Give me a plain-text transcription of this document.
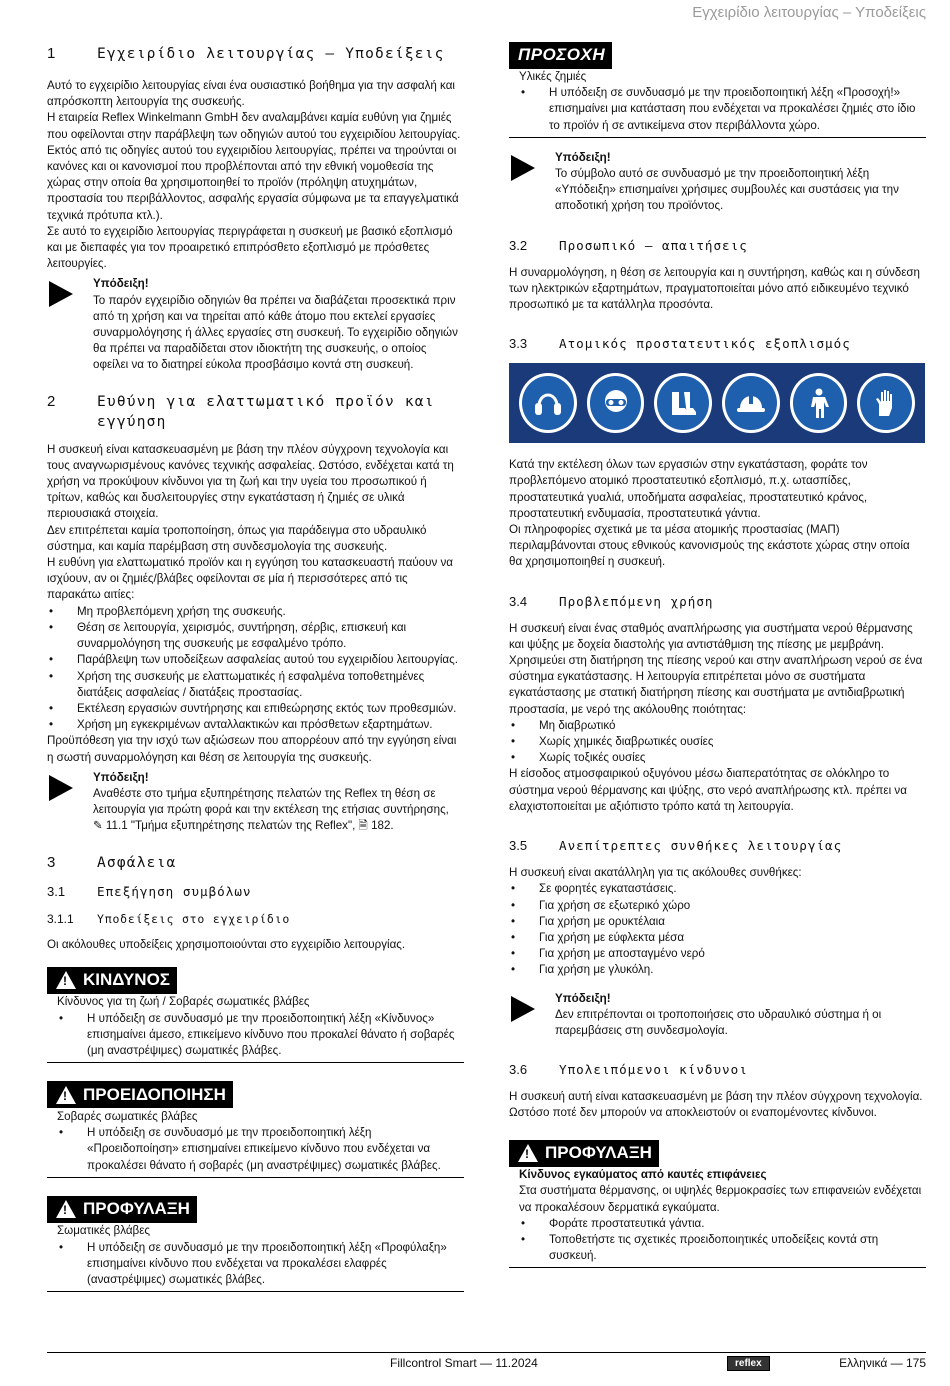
Εγχειρίδιο λειτουργίας – Υποδείξεις
1	Εγχειρίδιο λειτουργίας – Υποδείξεις

Αυτό το εγχειρίδιο λειτουργίας είναι ένα ουσιαστικό βοήθημα για την ασφαλή και απρόσκοπτη λειτουργία της συσκευής.

Η εταιρεία Reflex Winkelmann GmbH δεν αναλαμβάνει καμία ευθύνη για ζημιές που οφείλονται στην παράβλεψη των οδηγιών αυτού του εγχειριδίου λειτουργίας. Εκτός από τις οδηγίες αυτού του εγχειριδίου λειτουργίας, πρέπει να τηρούνται οι κανόνες και οι κανονισμοί που προβλέπονται από την εθνική νομοθεσία της χώρας στην οποία θα χρησιμοποιηθεί το προϊόν (πρόληψη ατυχημάτων, προστασία του περιβάλλοντος, ασφαλής εργασία σύμφωνα με τα επαγγελματικά τεχνικά πρότυπα κτλ.).

Σε αυτό το εγχειρίδιο λειτουργίας περιγράφεται η συσκευή με βασικό εξοπλισμό και με διεπαφές για τον προαιρετικό επιπρόσθετο εξοπλισμό με πρόσθετες λειτουργίες.

Υπόδειξη!
Το παρόν εγχειρίδιο οδηγιών θα πρέπει να διαβάζεται προσεκτικά πριν από τη χρήση και να τηρείται από κάθε άτομο που εκτελεί εργασίες συναρμολόγησης ή άλλες εργασίες στη συσκευή. Το εγχειρίδιο οδηγιών θα πρέπει να παραδίδεται στον ιδιοκτήτη της συσκευής, ο οποίος οφείλει να το διατηρεί εύκολα προσβάσιμο κοντά στη συσκευή.
2	Ευθύνη για ελαττωματικό προϊόν και εγγύηση

Η συσκευή είναι κατασκευασμένη με βάση την πλέον σύγχρονη τεχνολογία και τους αναγνωρισμένους κανόνες τεχνικής ασφαλείας. Ωστόσο, ενδέχεται κατά τη χρήση να προκύψουν κίνδυνοι για τη ζωή και την υγεία του προσωπικού ή τρίτων, καθώς και δυσλειτουργίες στην εγκατάσταση ή ζημιές σε υλικά περιουσιακά στοιχεία.

Δεν επιτρέπεται καμία τροποποίηση, όπως για παράδειγμα στο υδραυλικό σύστημα, και καμία παρέμβαση στη συνδεσμολογία της συσκευής.

Η ευθύνη για ελαττωματικό προϊόν και η εγγύηση του κατασκευαστή παύουν να ισχύουν, αν οι ζημιές/βλάβες οφείλονται σε μία ή περισσότερες από τις παρακάτω αιτίες:

• Μη προβλεπόμενη χρήση της συσκευής.
• Θέση σε λειτουργία, χειρισμός, συντήρηση, σέρβις, επισκευή και συναρμολόγηση της συσκευής με εσφαλμένο τρόπο.
• Παράβλεψη των υποδείξεων ασφαλείας αυτού του εγχειριδίου λειτουργίας.
• Χρήση της συσκευής με ελαττωματικές ή εσφαλμένα τοποθετημένες διατάξεις ασφαλείας / διατάξεις προστασίας.
• Εκτέλεση εργασιών συντήρησης και επιθεώρησης εκτός των προθεσμιών.
• Χρήση μη εγκεκριμένων ανταλλακτικών και πρόσθετων εξαρτημάτων.

Προϋπόθεση για την ισχύ των αξιώσεων που απορρέουν από την εγγύηση είναι η σωστή συναρμολόγηση και θέση σε λειτουργία της συσκευής.

Υπόδειξη!
Αναθέστε στο τμήμα εξυπηρέτησης πελατών της Reflex τη θέση σε λειτουργία για πρώτη φορά και την εκτέλεση της ετήσιας συντήρησης,
✎ 11.1 "Τμήμα εξυπηρέτησης πελατών της Reflex", 🗎 182.
3	Ασφάλεια
3.1	Επεξήγηση συμβόλων
3.1.1	Υποδείξεις στο εγχειρίδιο

Οι ακόλουθες υποδείξεις χρησιμοποιούνται στο εγχειρίδιο λειτουργίας.

!
ΚΙΝΔΥΝΟΣ
Κίνδυνος για τη ζωή / Σοβαρές σωματικές βλάβες
• Η υπόδειξη σε συνδυασμό με την προειδοποιητική λέξη «Κίνδυνος» επισημαίνει άμεσο, επικείμενο κίνδυνο που προκαλεί θάνατο ή σοβαρές (μη αναστρέψιμες) σωματικές βλάβες.
!
ΠΡΟΕΙΔΟΠΟΙΗΣΗ
Σοβαρές σωματικές βλάβες
• Η υπόδειξη σε συνδυασμό με την προειδοποιητική λέξη «Προειδοποίηση» επισημαίνει επικείμενο κίνδυνο που ενδέχεται να προκαλέσει θάνατο ή σοβαρές (μη αναστρέψιμες) σωματικές βλάβες.
!
ΠΡΟΦΥΛΑΞΗ
Σωματικές βλάβες
• Η υπόδειξη σε συνδυασμό με την προειδοποιητική λέξη «Προφύλαξη» επισημαίνει κίνδυνο που ενδέχεται να προκαλέσει ελαφρές (αναστρέψιμες) σωματικές βλάβες.
ΠΡΟΣΟΧΗ
Υλικές ζημιές
• Η υπόδειξη σε συνδυασμό με την προειδοποιητική λέξη «Προσοχή!» επισημαίνει μια κατάσταση που ενδέχεται να προκαλέσει ζημιές στο ίδιο το προϊόν ή σε αντικείμενα στον περιβάλλοντα χώρο.
Υπόδειξη!
Το σύμβολο αυτό σε συνδυασμό με την προειδοποιητική λέξη «Υπόδειξη» επισημαίνει χρήσιμες συμβουλές και συστάσεις για την αποδοτική χρήση του προϊόντος.
3.2	Προσωπικό – απαιτήσεις

Η συναρμολόγηση, η θέση σε λειτουργία και η συντήρηση, καθώς και η σύνδεση των ηλεκτρικών εξαρτημάτων, πραγματοποιείται μόνο από ειδικευμένο τεχνικό προσωπικό με τα κατάλληλα προσόντα.

3.3	Ατομικός προστατευτικός εξοπλισμός

Κατά την εκτέλεση όλων των εργασιών στην εγκατάσταση, φοράτε τον προβλεπόμενο ατομικό προστατευτικό εξοπλισμό, π.χ. ωτασπίδες, προστατευτικά γυαλιά, υποδήματα ασφαλείας, προστατευτικό κράνος, προστατευτική ενδυμασία, προστατευτικά γάντια.

Οι πληροφορίες σχετικά με τα μέσα ατομικής προστασίας (ΜΑΠ) περιλαμβάνονται στους εθνικούς κανονισμούς της εκάστοτε χώρας στην οποία θα χρησιμοποιηθεί η συσκευή.

3.4	Προβλεπόμενη χρήση

Η συσκευή είναι ένας σταθμός αναπλήρωσης για συστήματα νερού θέρμανσης και ψύξης με δοχεία διαστολής για αντιστάθμιση της πίεσης με μεμβράνη. Χρησιμεύει στη διατήρηση της πίεσης νερού και στην αναπλήρωση νερού σε ένα σύστημα εγκατάστασης. Η λειτουργία επιτρέπεται μόνο σε συστήματα εγκατάστασης με στατική διατήρηση πίεσης και συστήματα με αντιδιαβρωτική προστασία, με νερό της ακόλουθης ποιότητας:

• Μη διαβρωτικό
• Χωρίς χημικές διαβρωτικές ουσίες
• Χωρίς τοξικές ουσίες

Η είσοδος ατμοσφαιρικού οξυγόνου μέσω διαπερατότητας σε ολόκληρο το σύστημα νερού θέρμανσης και ψύξης, στο νερό αναπλήρωσης κτλ. πρέπει να ελαχιστοποιείται με αξιόπιστο τρόπο κατά τη λειτουργία.

3.5	Ανεπίτρεπτες συνθήκες λειτουργίας

Η συσκευή είναι ακατάλληλη για τις ακόλουθες συνθήκες:

• Σε φορητές εγκαταστάσεις.
• Για χρήση σε εξωτερικό χώρο
• Για χρήση με ορυκτέλαια
• Για χρήση με εύφλεκτα μέσα
• Για χρήση με αποσταγμένο νερό
• Για χρήση με γλυκόλη.
Υπόδειξη!
Δεν επιτρέπονται οι τροποποιήσεις στο υδραυλικό σύστημα ή οι παρεμβάσεις στη συνδεσμολογία.
3.6	Υπολειπόμενοι κίνδυνοι

Η συσκευή αυτή είναι κατασκευασμένη με βάση την πλέον σύγχρονη τεχνολογία. Ωστόσο ποτέ δεν μπορούν να αποκλειστούν οι εναπομένοντες κίνδυνοι.

!
ΠΡΟΦΥΛΑΞΗ
Κίνδυνος εγκαύματος από καυτές επιφάνειες
Στα συστήματα θέρμανσης, οι υψηλές θερμοκρασίες των επιφανειών ενδέχεται να προκαλέσουν δερματικά εγκαύματα.
• Φοράτε προστατευτικά γάντια.
• Τοποθετήστε τις σχετικές προειδοποιητικές υποδείξεις κοντά στη συσκευή.
Fillcontrol Smart — 11.2024	reflex	Ελληνικά — 175
